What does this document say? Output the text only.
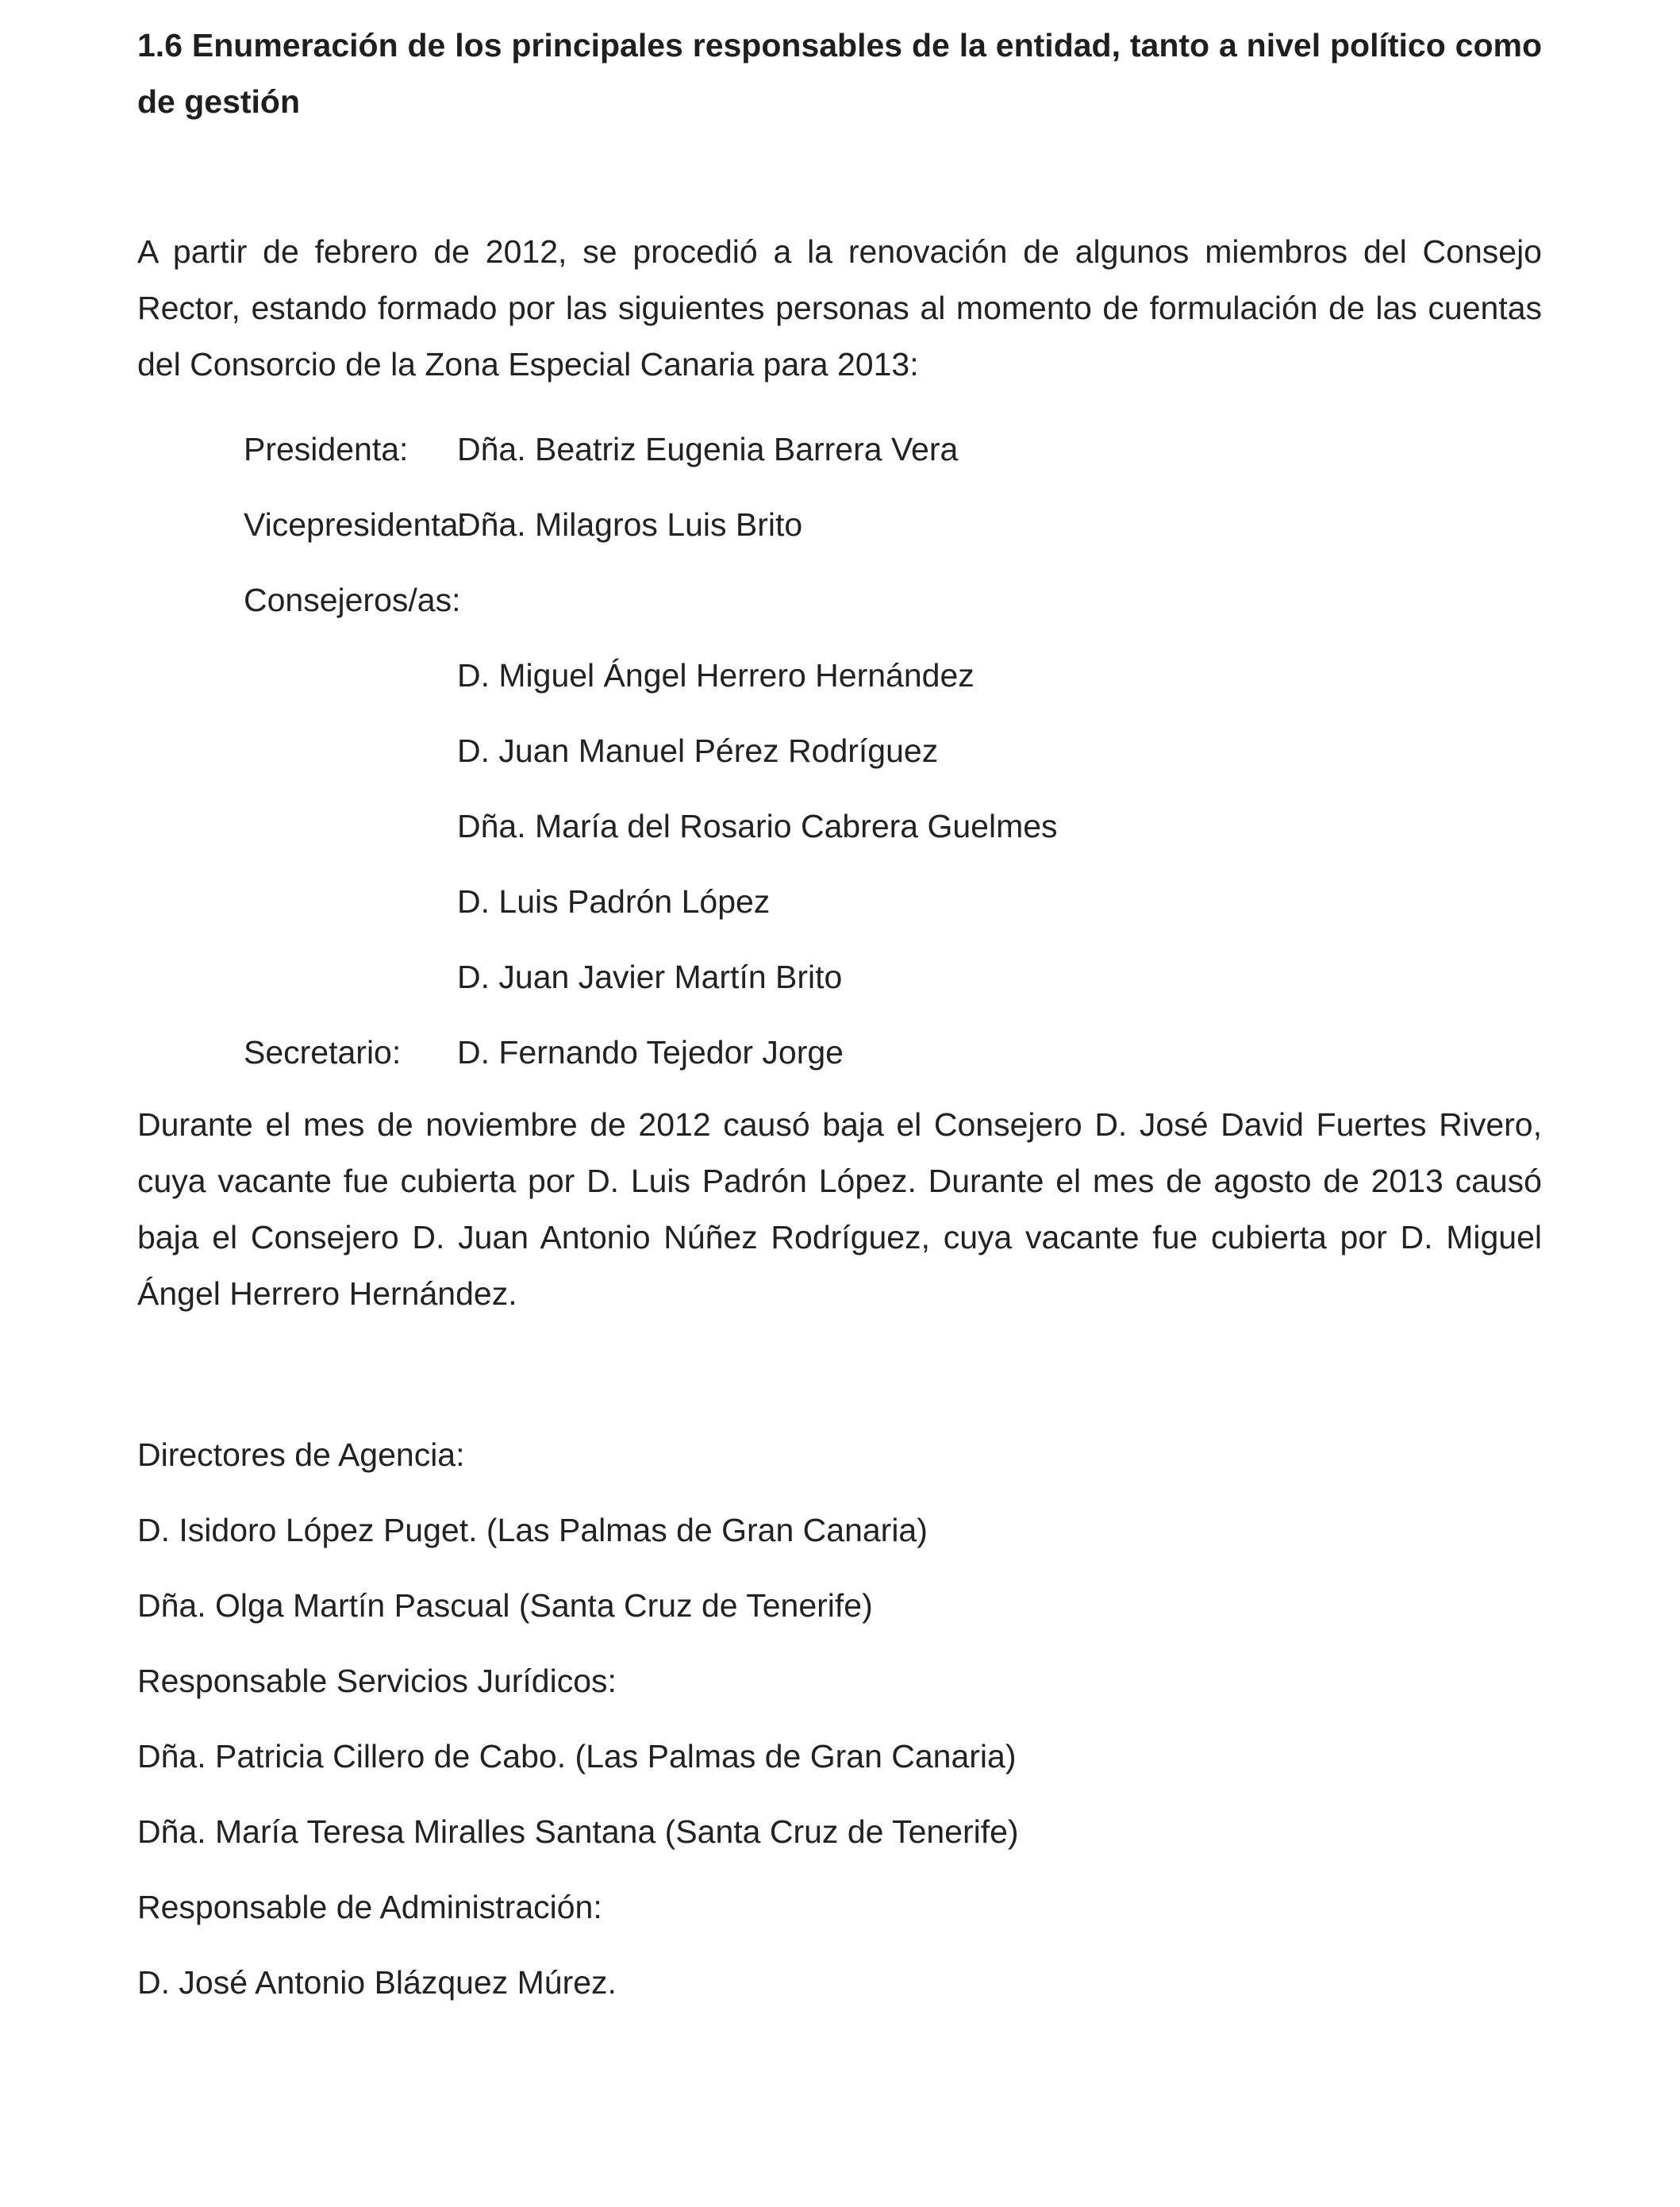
1.6 Enumeración de los principales responsables de la entidad, tanto a nivel político como de gestión

A partir de febrero de 2012, se procedió a la renovación de algunos miembros del Consejo Rector, estando formado por las siguientes personas al momento de formulación de las cuentas del Consorcio de la Zona Especial Canaria para 2013:

Presidenta:	Dña. Beatriz Eugenia Barrera Vera
Vicepresidenta:
Dña. Milagros Luis Brito
Consejeros/as:
D. Miguel Ángel Herrero Hernández
D. Juan Manuel Pérez Rodríguez
Dña. María del Rosario Cabrera Guelmes
D. Luis Padrón López
D. Juan Javier Martín Brito
Secretario:	D. Fernando Tejedor Jorge

Durante el mes de noviembre de 2012 causó baja el Consejero D. José David Fuertes Rivero, cuya vacante fue cubierta por D. Luis Padrón López. Durante el mes de agosto de 2013 causó baja el Consejero D. Juan Antonio Núñez Rodríguez, cuya vacante fue cubierta por D. Miguel Ángel Herrero Hernández.

Directores de Agencia:
D. Isidoro López Puget. (Las Palmas de Gran Canaria)
Dña. Olga Martín Pascual (Santa Cruz de Tenerife)
Responsable Servicios Jurídicos:
Dña. Patricia Cillero de Cabo. (Las Palmas de Gran Canaria)
Dña. María Teresa Miralles Santana (Santa Cruz de Tenerife)
Responsable de Administración:
D. José Antonio Blázquez Múrez.
